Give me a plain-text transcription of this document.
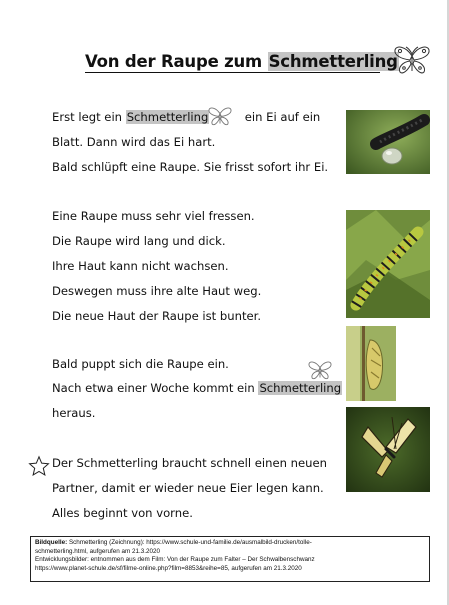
Von der Raupe zum Schmetterling
Erst legt ein Schmetterling	ein Ei auf ein
Blatt. Dann wird das Ei hart.
Bald schlüpft eine Raupe. Sie frisst sofort ihr Ei.
Eine Raupe muss sehr viel fressen.
Die Raupe wird lang und dick.
Ihre Haut kann nicht wachsen.
Deswegen muss ihre alte Haut weg.
Die neue Haut der Raupe ist bunter.
Bald puppt sich die Raupe ein.
Nach etwa einer Woche kommt ein Schmetterling
heraus.
Der Schmetterling braucht schnell einen neuen
Partner, damit er wieder neue Eier legen kann.
Alles beginnt von vorne.
Bildquelle: Schmetterling (Zeichnung): https://www.schule-und-familie.de/ausmalbild-drucken/tolle-
schmetterling.html, aufgerufen am 21.3.2020
Entwicklungsbilder: entnommen aus dem Film: Von der Raupe zum Falter – Der Schwalbenschwanz
https://www.planet-schule.de/sf/filme-online.php?film=8853&reihe=85, aufgerufen am 21.3.2020
